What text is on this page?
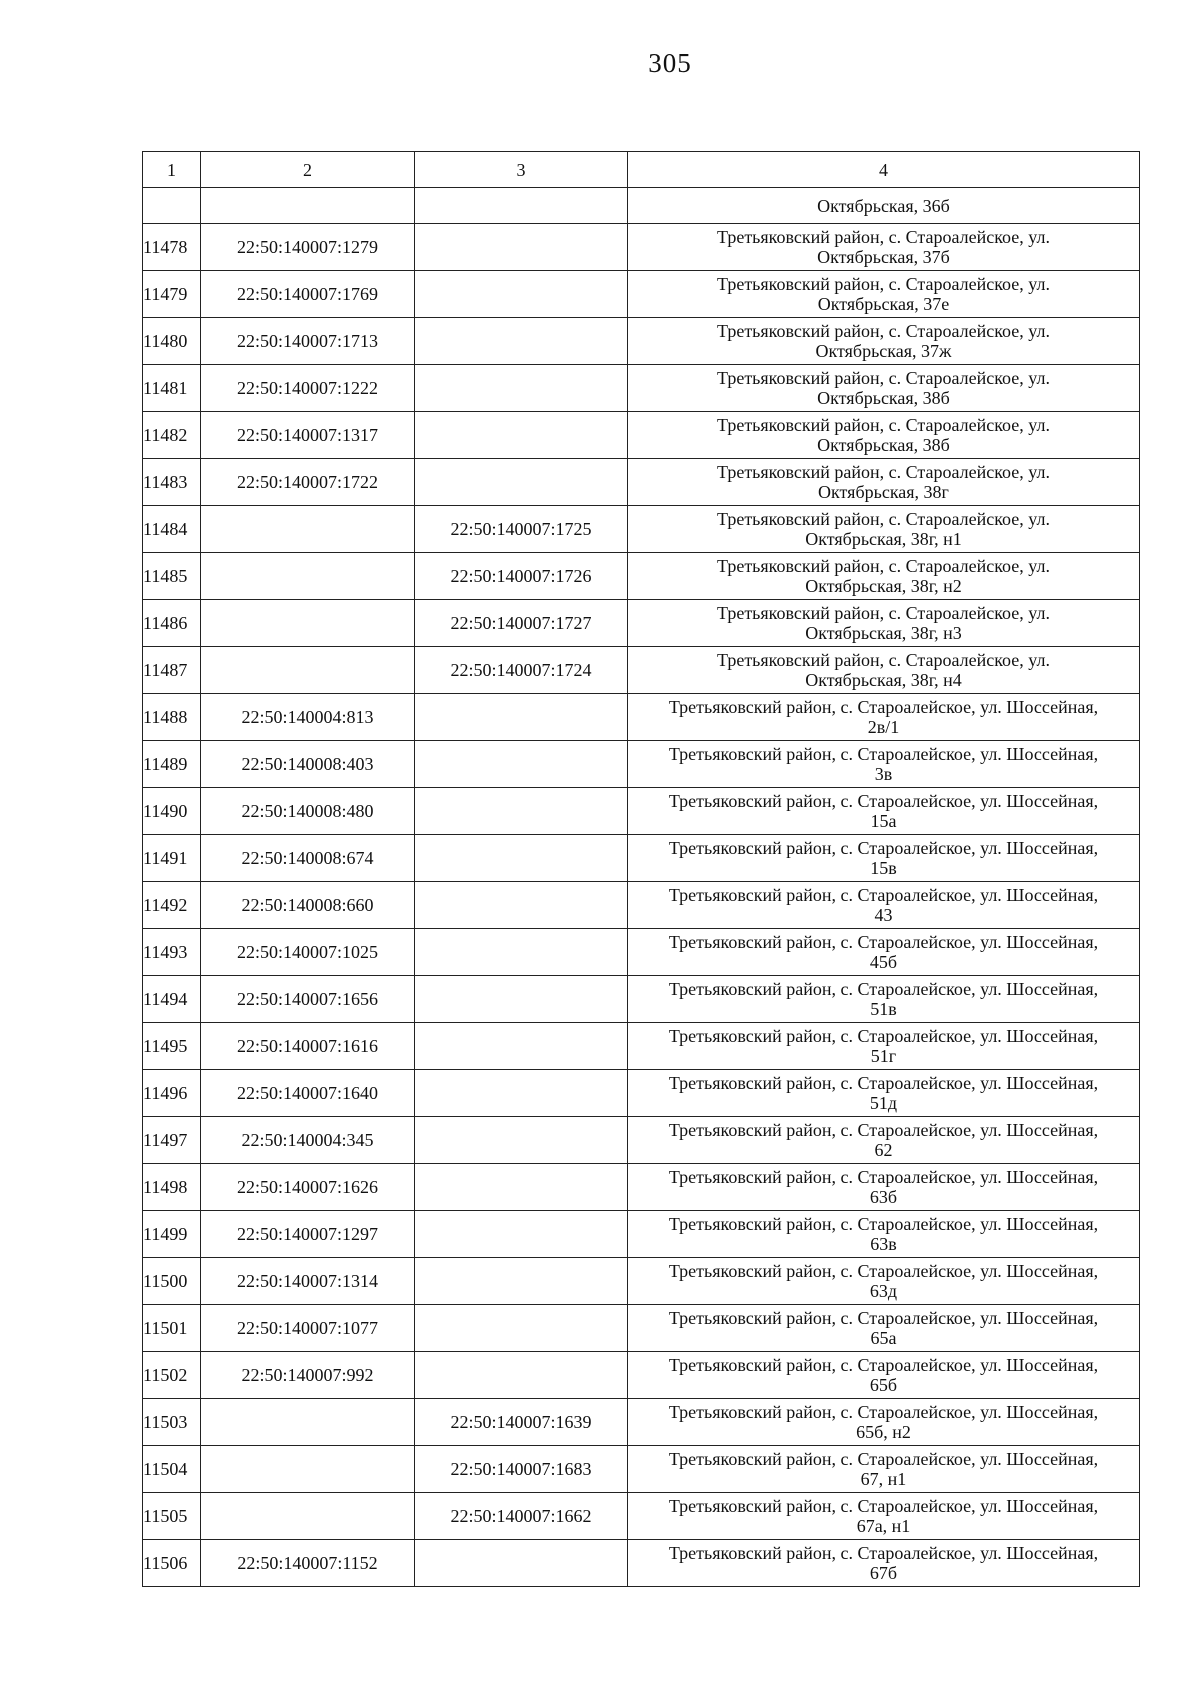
305
1	2	3	4
			Октябрьская, 36б
11478	22:50:140007:1279		Третьяковский район, с. Староалейское, ул.
Октябрьская, 37б

11479	22:50:140007:1769		Третьяковский район, с. Староалейское, ул.
Октябрьская, 37е

11480	22:50:140007:1713		Третьяковский район, с. Староалейское, ул.
Октябрьская, 37ж

11481	22:50:140007:1222		Третьяковский район, с. Староалейское, ул.
Октябрьская, 38б

11482	22:50:140007:1317		Третьяковский район, с. Староалейское, ул.
Октябрьская, 38б

11483	22:50:140007:1722		Третьяковский район, с. Староалейское, ул.
Октябрьская, 38г

11484		22:50:140007:1725	Третьяковский район, с. Староалейское, ул.
Октябрьская, 38г, н1

11485		22:50:140007:1726	Третьяковский район, с. Староалейское, ул.
Октябрьская, 38г, н2

11486		22:50:140007:1727	Третьяковский район, с. Староалейское, ул.
Октябрьская, 38г, н3

11487		22:50:140007:1724	Третьяковский район, с. Староалейское, ул.
Октябрьская, 38г, н4

11488	22:50:140004:813		Третьяковский район, с. Староалейское, ул. Шоссейная,
2в/1

11489	22:50:140008:403		Третьяковский район, с. Староалейское, ул. Шоссейная,
3в

11490	22:50:140008:480		Третьяковский район, с. Староалейское, ул. Шоссейная,
15а

11491	22:50:140008:674		Третьяковский район, с. Староалейское, ул. Шоссейная,
15в

11492	22:50:140008:660		Третьяковский район, с. Староалейское, ул. Шоссейная,
43

11493	22:50:140007:1025		Третьяковский район, с. Староалейское, ул. Шоссейная,
45б

11494	22:50:140007:1656		Третьяковский район, с. Староалейское, ул. Шоссейная,
51в

11495	22:50:140007:1616		Третьяковский район, с. Староалейское, ул. Шоссейная,
51г

11496	22:50:140007:1640		Третьяковский район, с. Староалейское, ул. Шоссейная,
51д

11497	22:50:140004:345		Третьяковский район, с. Староалейское, ул. Шоссейная,
62

11498	22:50:140007:1626		Третьяковский район, с. Староалейское, ул. Шоссейная,
63б

11499	22:50:140007:1297		Третьяковский район, с. Староалейское, ул. Шоссейная,
63в

11500	22:50:140007:1314		Третьяковский район, с. Староалейское, ул. Шоссейная,
63д

11501	22:50:140007:1077		Третьяковский район, с. Староалейское, ул. Шоссейная,
65а

11502	22:50:140007:992		Третьяковский район, с. Староалейское, ул. Шоссейная,
65б

11503		22:50:140007:1639	Третьяковский район, с. Староалейское, ул. Шоссейная,
65б, н2

11504		22:50:140007:1683	Третьяковский район, с. Староалейское, ул. Шоссейная,
67, н1

11505		22:50:140007:1662	Третьяковский район, с. Староалейское, ул. Шоссейная,
67а, н1

11506	22:50:140007:1152		Третьяковский район, с. Староалейское, ул. Шоссейная,
67б
